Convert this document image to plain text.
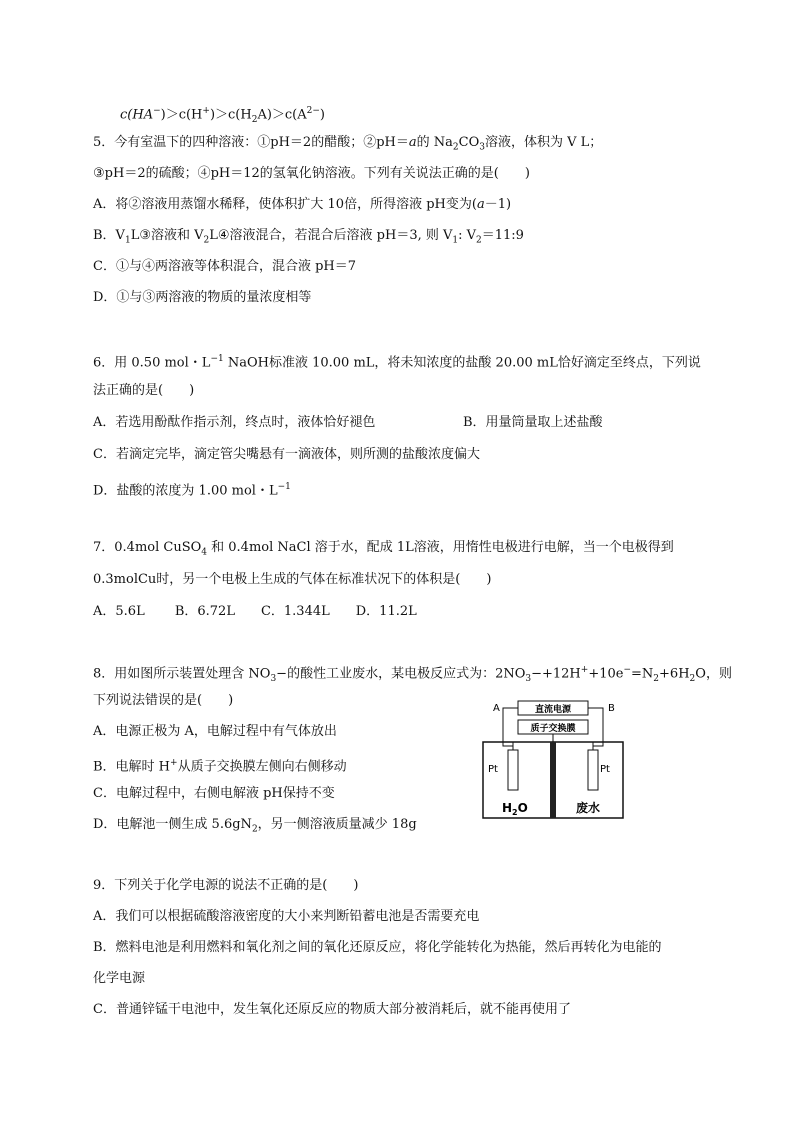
$c(HA^-)>c(H^+)>c(H_2A)>c(A^{2-})$
5．今有室温下的四种溶液：①pH＝2的醋酸；②pH＝a的 $Na_2CO_3$溶液，体积为 V L；
③pH＝2的硫酸；④pH＝12的氢氧化钠溶液。下列有关说法正确的是(　　)
A．将②溶液用蒸馏水稀释，使体积扩大 10倍，所得溶液 pH变为(a－1)
B．$V_1L③$溶液和 $V_2L④$溶液混合，若混合后溶液 pH＝3, 则 $V_1$: $V_2=11:9$
C．①与④两溶液等体积混合，混合液 pH＝7
D．①与③两溶液的物质的量浓度相等
6．用 0.50 mol・$L^{-1}$ NaOH标准液 10.00 mL，将未知浓度的盐酸 20.00 mL恰好滴定至终点，下列说
法正确的是(　　)
A．若选用酚酞作指示剂，终点时，液体恰好褪色	B．用量筒量取上述盐酸
C．若滴定完毕，滴定管尖嘴悬有一滴液体，则所测的盐酸浓度偏大
D．盐酸的浓度为 1.00 mol・$L^{-1}$
7．0.4mol CuSO$_4$ 和 0.4mol NaCl 溶于水，配成 1L溶液，用惰性电极进行电解，当一个电极得到
0.3molCu时，另一个电极上生成的气体在标准状况下的体积是(　　)
A．5.6L　　 B．6.72L　　C．1.344L　　D．11.2L
8．用如图所示装置处理含 $NO_3-$的酸性工业废水，某电极反应式为：$2NO_3-+12H^++10e^-=N_2+6H_2O$，则
下列说法错误的是(　　)
A．电源正极为 A，电解过程中有气体放出
B．电解时 H+从质子交换膜左侧向右侧移动
C．电解过程中，右侧电解液 pH保持不变
D．电解池一侧生成 $5.6gN_2$，另一侧溶液质量减少 18g
直流电源
A	B
质子交换膜
Pt	Pt
$H_2O$	废水
9．下列关于化学电源的说法不正确的是(　　)
A．我们可以根据硫酸溶液密度的大小来判断铅蓄电池是否需要充电
B．燃料电池是利用燃料和氧化剂之间的氧化还原反应，将化学能转化为热能，然后再转化为电能的
化学电源
C．普通锌锰干电池中，发生氧化还原反应的物质大部分被消耗后，就不能再使用了
